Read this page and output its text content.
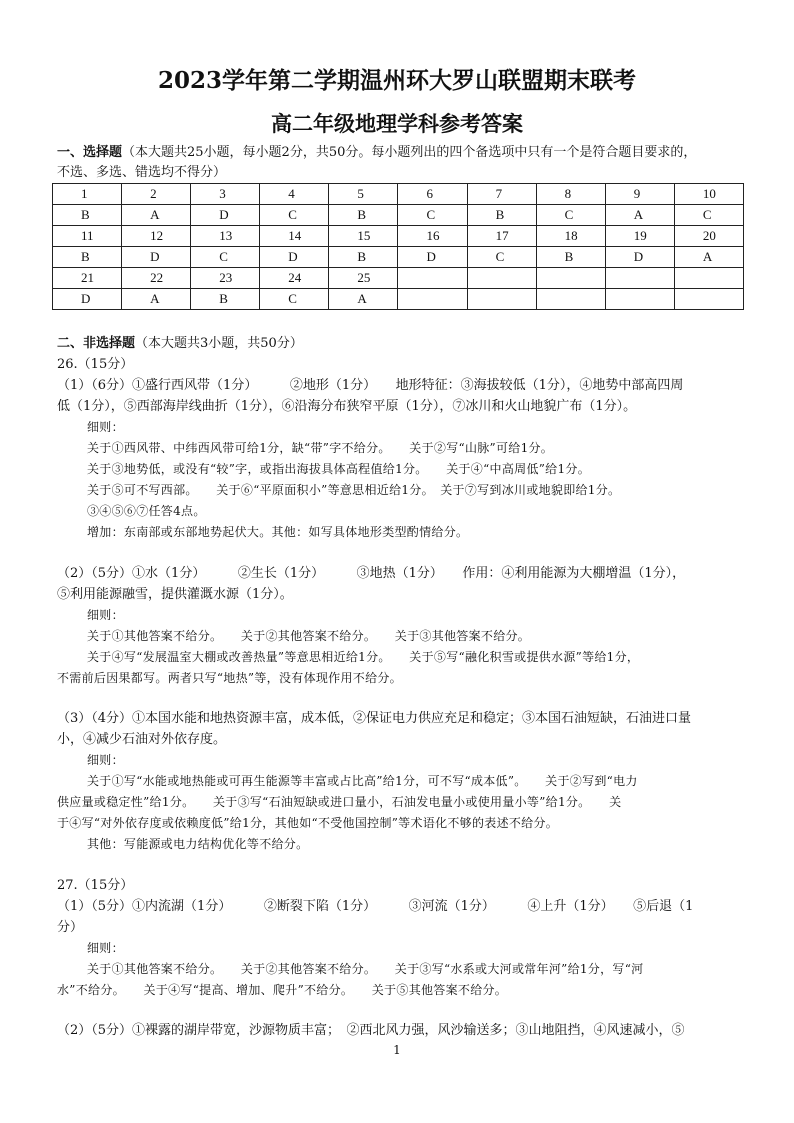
2023学年第二学期温州环大罗山联盟期末联考
高二年级地理学科参考答案
一、选择题（本大题共25小题，每小题2分，共50分。每小题列出的四个备选项中只有一个是符合题目要求的，
不选、多选、错选均不得分）
1	2	3	4	5	6	7	8	9	10
B	A	D	C	B	C	B	C	A	C
11	12	13	14	15	16	17	18	19	20
B	D	C	D	B	D	C	B	D	A
21	22	23	24	25					
D	A	B	C	A					
二、非选择题（本大题共3小题，共50分）
26.（15分）
（1）（6分）①盛行西风带（1分）　　　②地形（1分）　　地形特征：③海拔较低（1分），④地势中部高四周
低（1分），⑤西部海岸线曲折（1分），⑥沿海分布狭窄平原（1分），⑦冰川和火山地貌广布（1分）。
细则：
关于①西风带、中纬西风带可给1分，缺“带”字不给分。　　关于②写“山脉”可给1分。
关于③地势低，或没有“较”字，或指出海拔具体高程值给1分。　　关于④“中高周低”给1分。
关于⑤可不写西部。　　关于⑥“平原面积小”等意思相近给1分。　关于⑦写到冰川或地貌即给1分。
③④⑤⑥⑦任答4点。
增加：东南部或东部地势起伏大。其他：如写具体地形类型酌情给分。
（2）（5分）①水（1分）　　　②生长（1分）　　　③地热（1分）　　作用：④利用能源为大棚增温（1分），
⑤利用能源融雪，提供灌溉水源（1分）。
细则：
关于①其他答案不给分。　　关于②其他答案不给分。　　关于③其他答案不给分。
关于④写“发展温室大棚或改善热量”等意思相近给1分。　　关于⑤写“融化积雪或提供水源”等给1分，
不需前后因果都写。两者只写“地热”等，没有体现作用不给分。
（3）（4分）①本国水能和地热资源丰富，成本低，②保证电力供应充足和稳定；③本国石油短缺，石油进口量
小，④减少石油对外依存度。
细则：
关于①写“水能或地热能或可再生能源等丰富或占比高”给1分，可不写“成本低”。　　关于②写到“电力
供应量或稳定性”给1分。　　关于③写“石油短缺或进口量小，石油发电量小或使用量小等”给1分。　　关
于④写“对外依存度或依赖度低”给1分，其他如“不受他国控制”等术语化不够的表述不给分。
其他：写能源或电力结构优化等不给分。
27.（15分）
（1）（5分）①内流湖（1分）　　　②断裂下陷（1分）　　　③河流（1分）　　　④上升（1分）　　⑤后退（1
分）
细则：
关于①其他答案不给分。　　关于②其他答案不给分。　　关于③写“水系或大河或常年河”给1分，写“河
水”不给分。　　关于④写“提高、增加、爬升”不给分。　　关于⑤其他答案不给分。
（2）（5分）①裸露的湖岸带宽，沙源物质丰富；　②西北风力强，风沙输送多；③山地阻挡，④风速减小，⑤
1
